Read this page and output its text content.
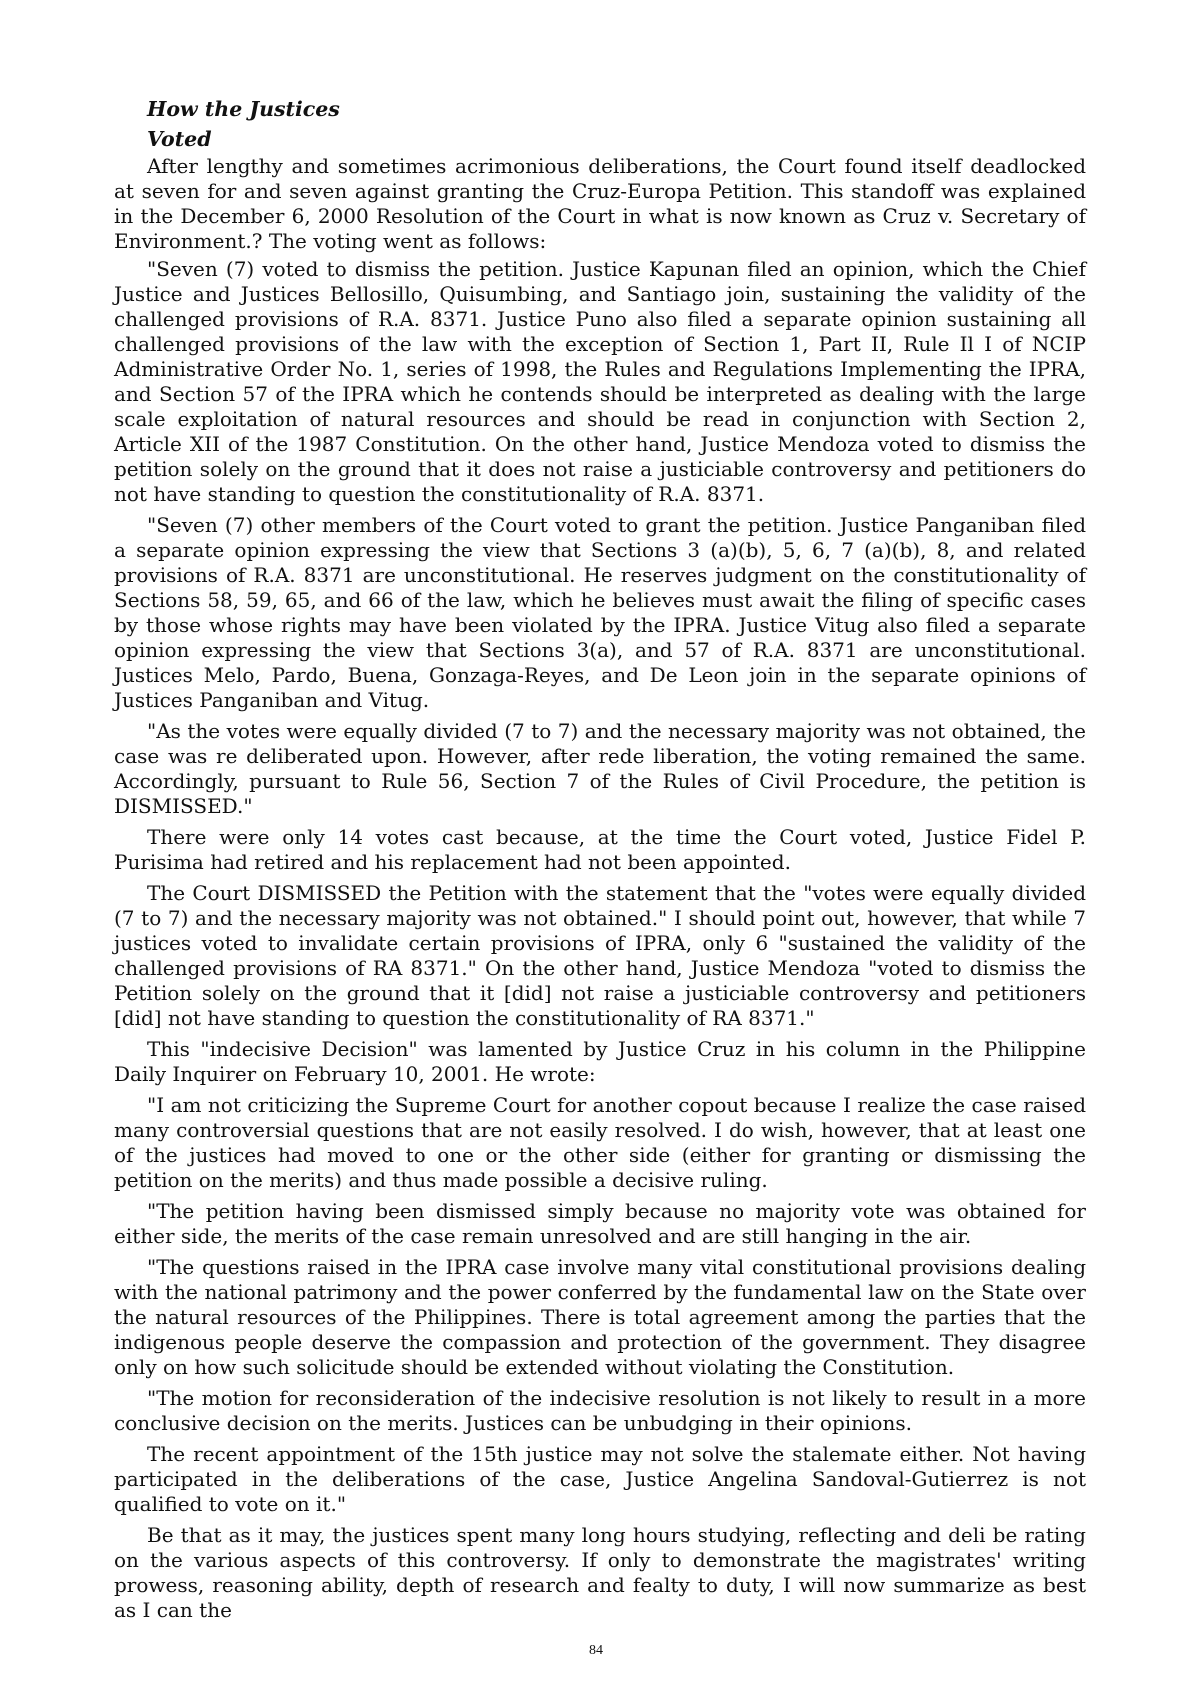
How the Justices
Voted

After lengthy and sometimes acrimonious deliberations, the Court found itself deadlocked at seven for and seven against granting the Cruz-Europa Petition. This standoff was explained in the December 6, 2000 Resolution of the Court in what is now known as Cruz v. Secretary of Environment.? The voting went as follows:

"Seven (7) voted to dismiss the petition. Justice Kapunan filed an opinion, which the Chief Justice and Justices Bellosillo, Quisumbing, and Santiago join, sustaining the validity of the challenged provisions of R.A. 8371. Justice Puno also filed a separate opinion sustaining all challenged provisions of the law with the exception of Section 1, Part II, Rule Il I of NCIP Administrative Order No. 1, series of 1998, the Rules and Regulations Implementing the IPRA, and Section 57 of the IPRA which he contends should be interpreted as dealing with the large scale exploitation of natural resources and should be read in conjunction with Section 2, Article XII of the 1987 Constitution. On the other hand, Justice Mendoza voted to dismiss the petition solely on the ground that it does not raise a justiciable controversy and petitioners do not have standing to question the constitutionality of R.A. 8371.

"Seven (7) other members of the Court voted to grant the petition. Justice Panganiban filed a separate opinion expressing the view that Sections 3 (a)(b), 5, 6, 7 (a)(b), 8, and related provisions of R.A. 8371 are unconstitutional. He reserves judgment on the constitutionality of Sections 58, 59, 65, and 66 of the law, which he believes must await the filing of specific cases by those whose rights may have been violated by the IPRA. Justice Vitug also filed a separate opinion expressing the view that Sections 3(a), and 57 of R.A. 8371 are unconstitutional. Justices Melo, Pardo, Buena, Gonzaga-Reyes, and De Leon join in the separate opinions of Justices Panganiban and Vitug.

"As the votes were equally divided (7 to 7) and the necessary majority was not obtained, the case was re deliberated upon. However, after rede liberation, the voting remained the same. Accordingly, pursuant to Rule 56, Section 7 of the Rules of Civil Procedure, the petition is DISMISSED."

There were only 14 votes cast because, at the time the Court voted, Justice Fidel P. Purisima had retired and his replacement had not been appointed.

The Court DISMISSED the Petition with the statement that the "votes were equally divided (7 to 7) and the necessary majority was not obtained." I should point out, however, that while 7 justices voted to invalidate certain provisions of IPRA, only 6 "sustained the validity of the challenged provisions of RA 8371." On the other hand, Justice Mendoza "voted to dismiss the Petition solely on the ground that it [did] not raise a justiciable controversy and petitioners [did] not have standing to question the constitutionality of RA 8371."

This "indecisive Decision" was lamented by Justice Cruz in his column in the Philippine Daily Inquirer on February 10, 2001. He wrote:

"I am not criticizing the Supreme Court for another copout because I realize the case raised many controversial questions that are not easily resolved. I do wish, however, that at least one of the justices had moved to one or the other side (either for granting or dismissing the petition on the merits) and thus made possible a decisive ruling.

"The petition having been dismissed simply because no majority vote was obtained for either side, the merits of the case remain unresolved and are still hanging in the air.

"The questions raised in the IPRA case involve many vital constitutional provisions dealing with the national patrimony and the power conferred by the fundamental law on the State over the natural resources of the Philippines. There is total agreement among the parties that the indigenous people deserve the compassion and protection of the government. They disagree only on how such solicitude should be extended without violating the Constitution.

"The motion for reconsideration of the indecisive resolution is not likely to result in a more conclusive decision on the merits. Justices can be unbudging in their opinions.

The recent appointment of the 15th justice may not solve the stalemate either. Not having participated in the deliberations of the case, Justice Angelina Sandoval-Gutierrez is not qualified to vote on it."

Be that as it may, the justices spent many long hours studying, reflecting and deli be rating on the various aspects of this controversy. If only to demonstrate the magistrates' writing prowess, reasoning ability, depth of research and fealty to duty, I will now summarize as best as I can the

84
